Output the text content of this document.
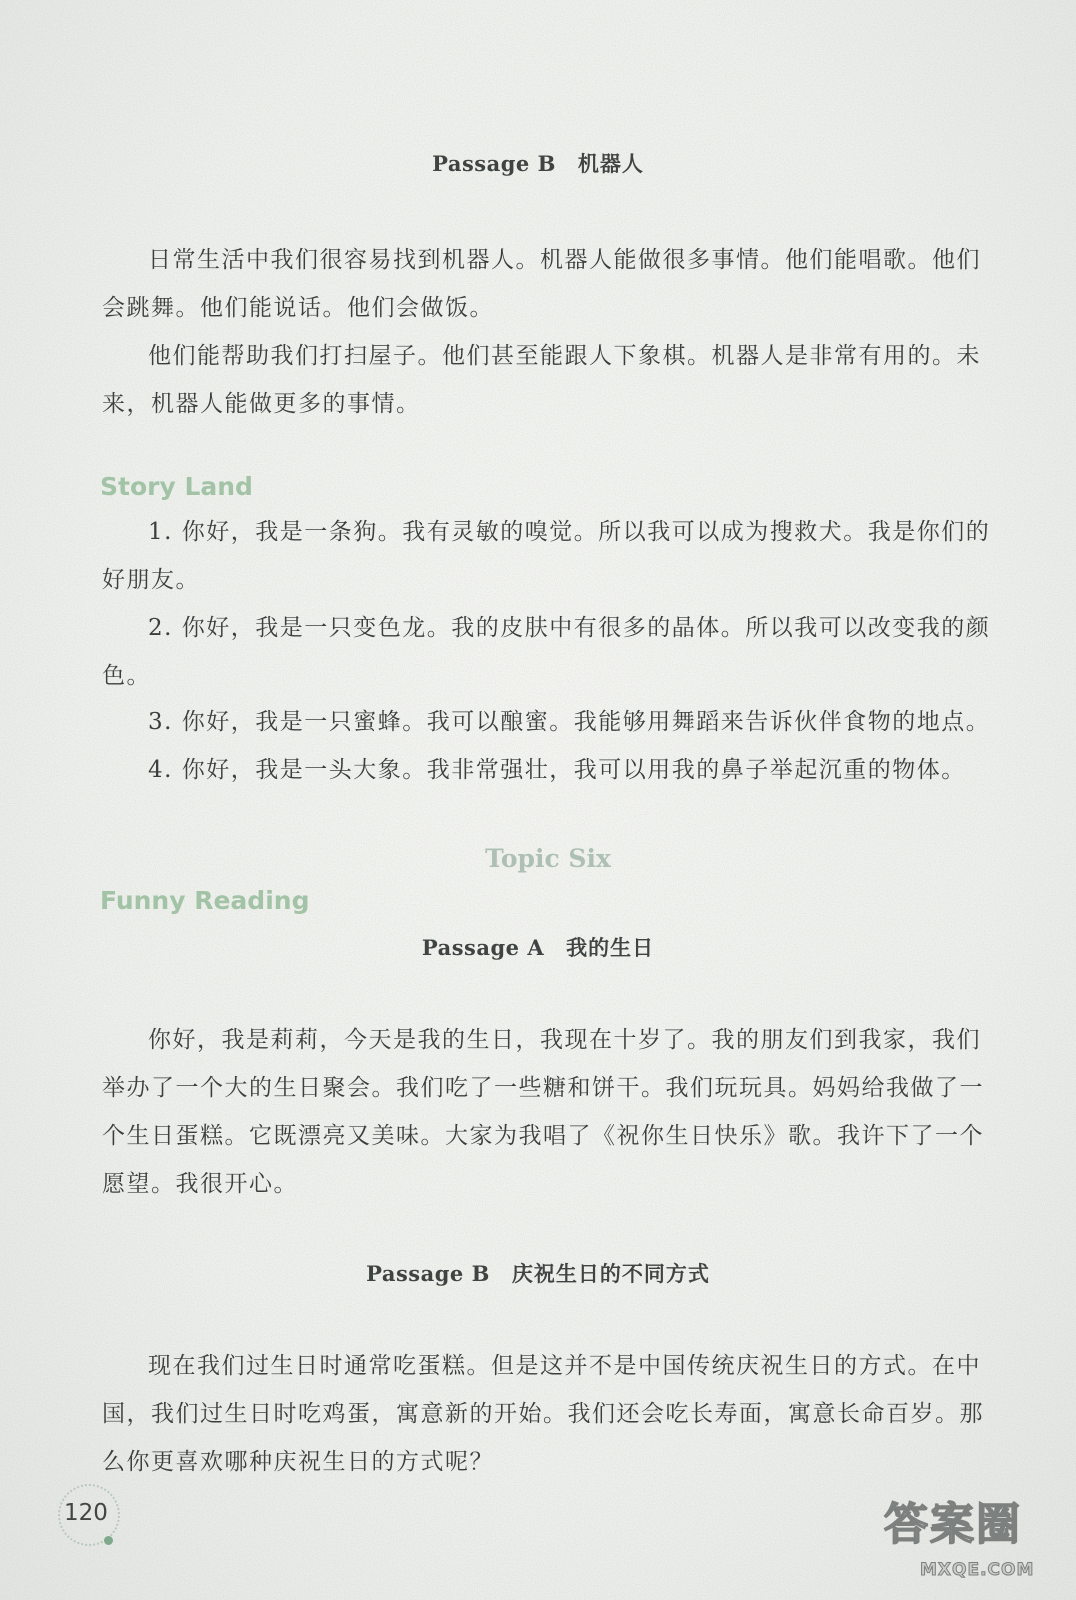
Passage B 机器人
日常生活中我们很容易找到机器人。机器人能做很多事情。他们能唱歌。他们会跳舞。他们能说话。他们会做饭。
他们能帮助我们打扫屋子。他们甚至能跟人下象棋。机器人是非常有用的。未来，机器人能做更多的事情。
Story Land
1. 你好，我是一条狗。我有灵敏的嗅觉。所以我可以成为搜救犬。我是你们的好朋友。
2. 你好，我是一只变色龙。我的皮肤中有很多的晶体。所以我可以改变我的颜色。
3. 你好，我是一只蜜蜂。我可以酿蜜。我能够用舞蹈来告诉伙伴食物的地点。
4. 你好，我是一头大象。我非常强壮，我可以用我的鼻子举起沉重的物体。
Topic Six
Funny Reading
Passage A 我的生日
你好，我是莉莉，今天是我的生日，我现在十岁了。我的朋友们到我家，我们举办了一个大的生日聚会。我们吃了一些糖和饼干。我们玩玩具。妈妈给我做了一个生日蛋糕。它既漂亮又美味。大家为我唱了《祝你生日快乐》歌。我许下了一个愿望。我很开心。
Passage B 庆祝生日的不同方式
现在我们过生日时通常吃蛋糕。但是这并不是中国传统庆祝生日的方式。在中国，我们过生日时吃鸡蛋，寓意新的开始。我们还会吃长寿面，寓意长命百岁。那么你更喜欢哪种庆祝生日的方式呢？
120	答案圈
MXQE.COM
